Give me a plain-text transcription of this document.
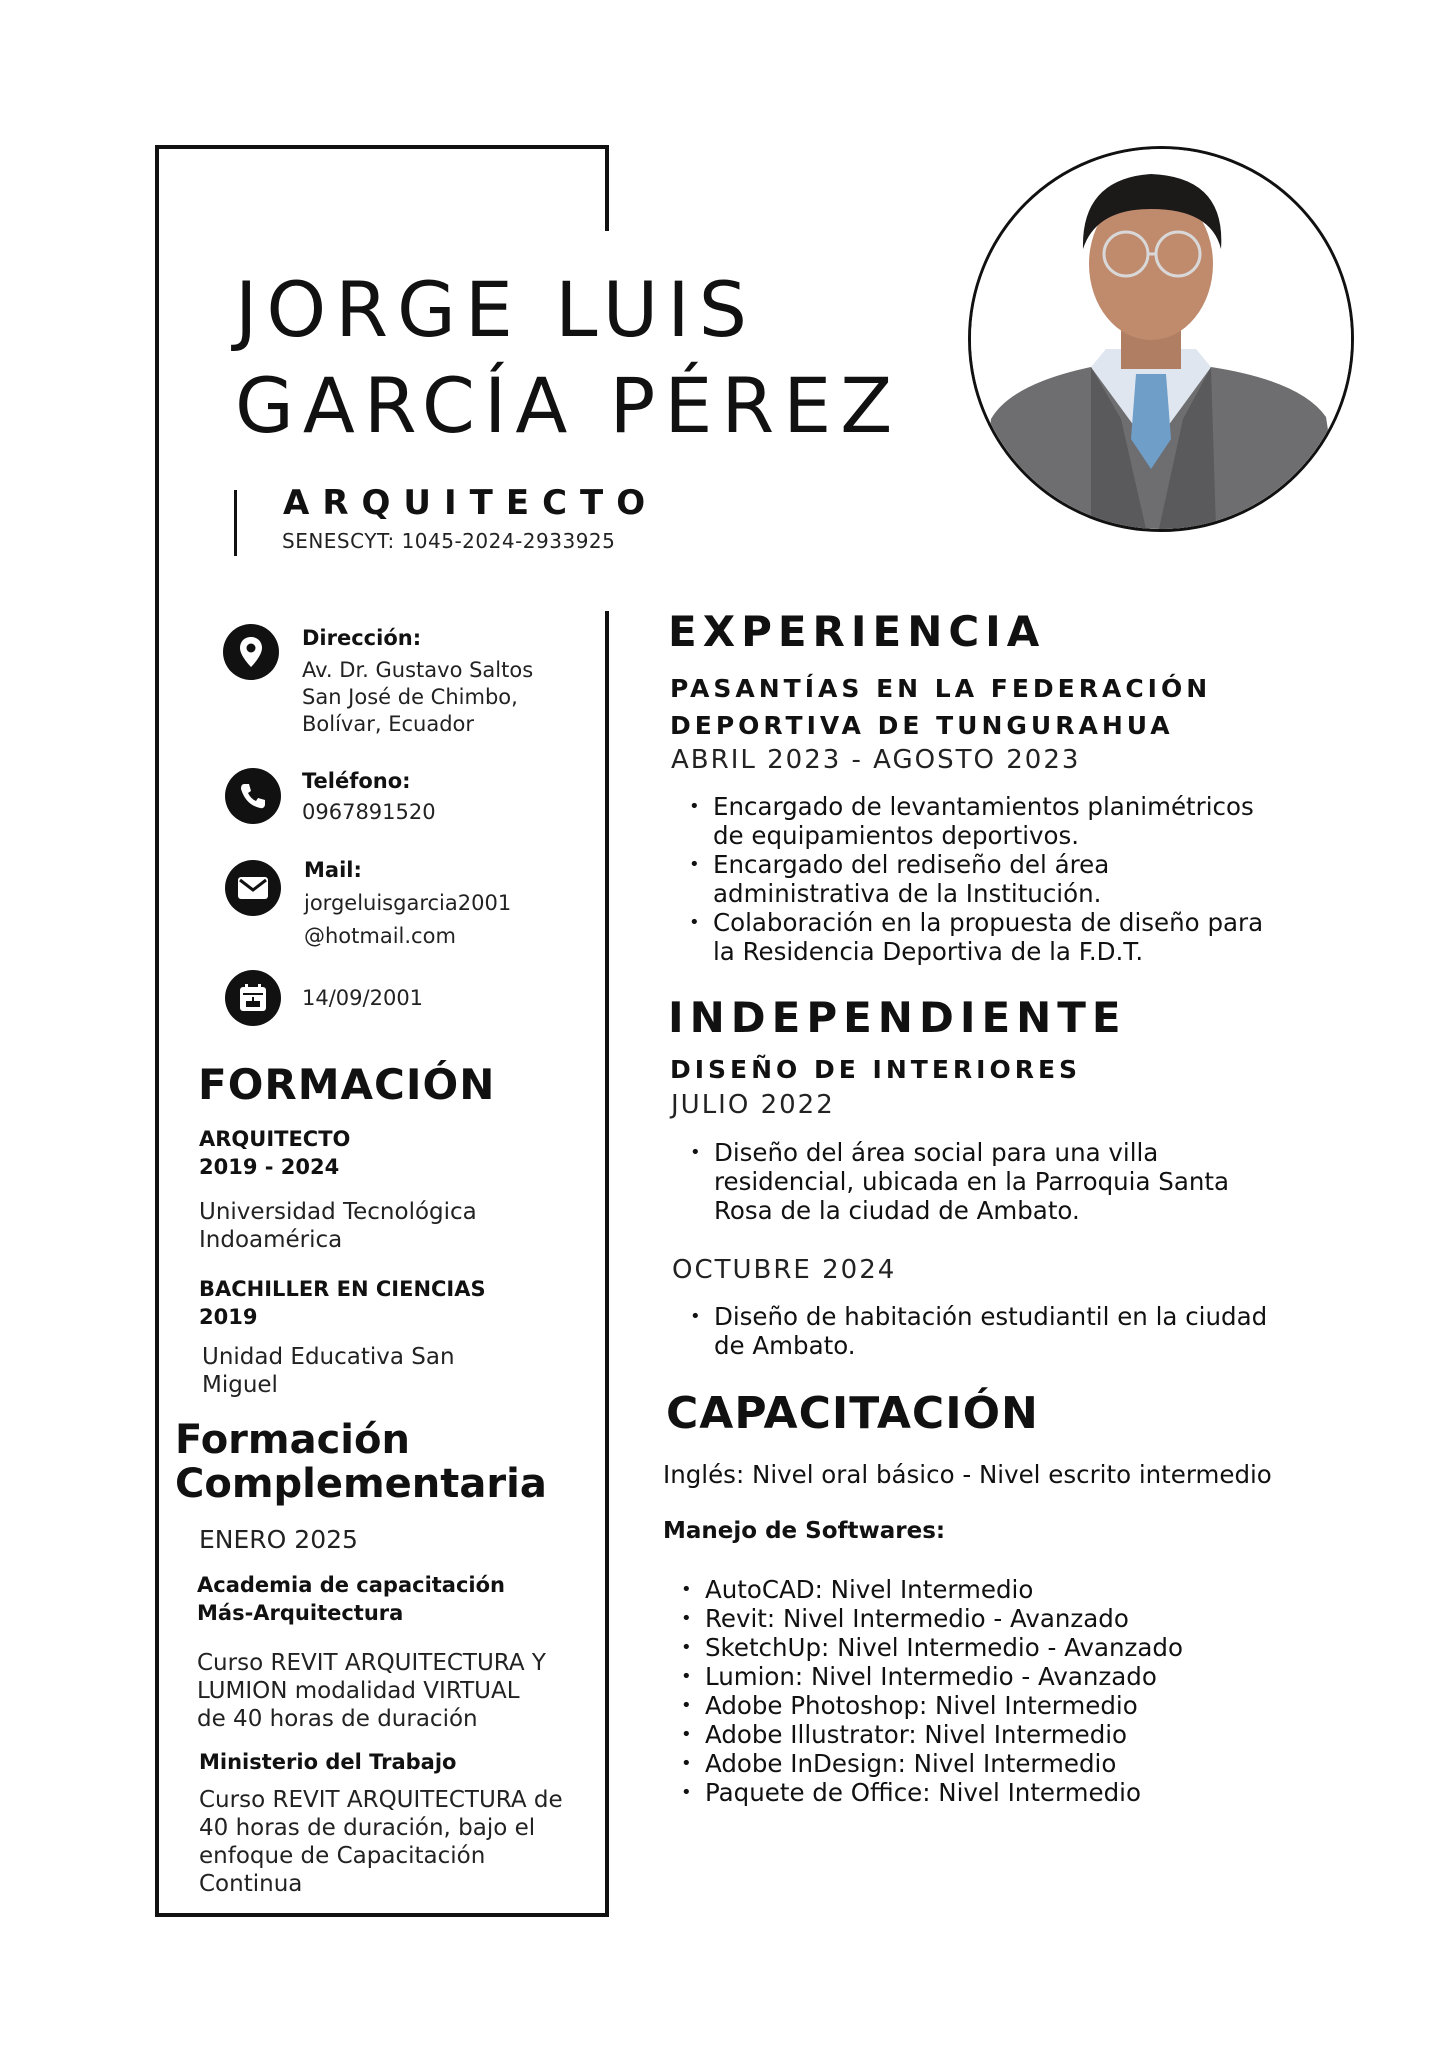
JORGE LUIS
GARCÍA PÉREZ
ARQUITECTO
SENESCYT: 1045-2024-2933925
Dirección:
Av. Dr. Gustavo Saltos
San José de Chimbo,
Bolívar, Ecuador
Teléfono:
0967891520
Mail:
jorgeluisgarcia2001
@hotmail.com
14/09/2001
FORMACIÓN
ARQUITECTO
2019 - 2024
Universidad Tecnológica
Indoamérica
BACHILLER EN CIENCIAS
2019
Unidad Educativa San
Miguel
Formación
Complementaria
ENERO 2025
Academia de capacitación
Más-Arquitectura
Curso REVIT ARQUITECTURA Y
LUMION modalidad VIRTUAL
de 40 horas de duración
Ministerio del Trabajo
Curso REVIT ARQUITECTURA de
40 horas de duración, bajo el
enfoque de Capacitación
Continua
EXPERIENCIA
PASANTÍAS EN LA FEDERACIÓN
DEPORTIVA DE TUNGURAHUA
ABRIL 2023 - AGOSTO 2023
• Encargado de levantamientos planimétricos
de equipamientos deportivos.
• Encargado del rediseño del área
administrativa de la Institución.
• Colaboración en la propuesta de diseño para
la Residencia Deportiva de la F.D.T.
INDEPENDIENTE
DISEÑO DE INTERIORES
JULIO 2022
• Diseño del área social para una villa
residencial, ubicada en la Parroquia Santa
Rosa de la ciudad de Ambato.
OCTUBRE 2024
• Diseño de habitación estudiantil en la ciudad
de Ambato.
CAPACITACIÓN
Inglés: Nivel oral básico - Nivel escrito intermedio
Manejo de Softwares:
• AutoCAD: Nivel Intermedio
• Revit: Nivel Intermedio - Avanzado
• SketchUp: Nivel Intermedio - Avanzado
• Lumion: Nivel Intermedio - Avanzado
• Adobe Photoshop: Nivel Intermedio
• Adobe Illustrator: Nivel Intermedio
• Adobe InDesign: Nivel Intermedio
• Paquete de Office: Nivel Intermedio
